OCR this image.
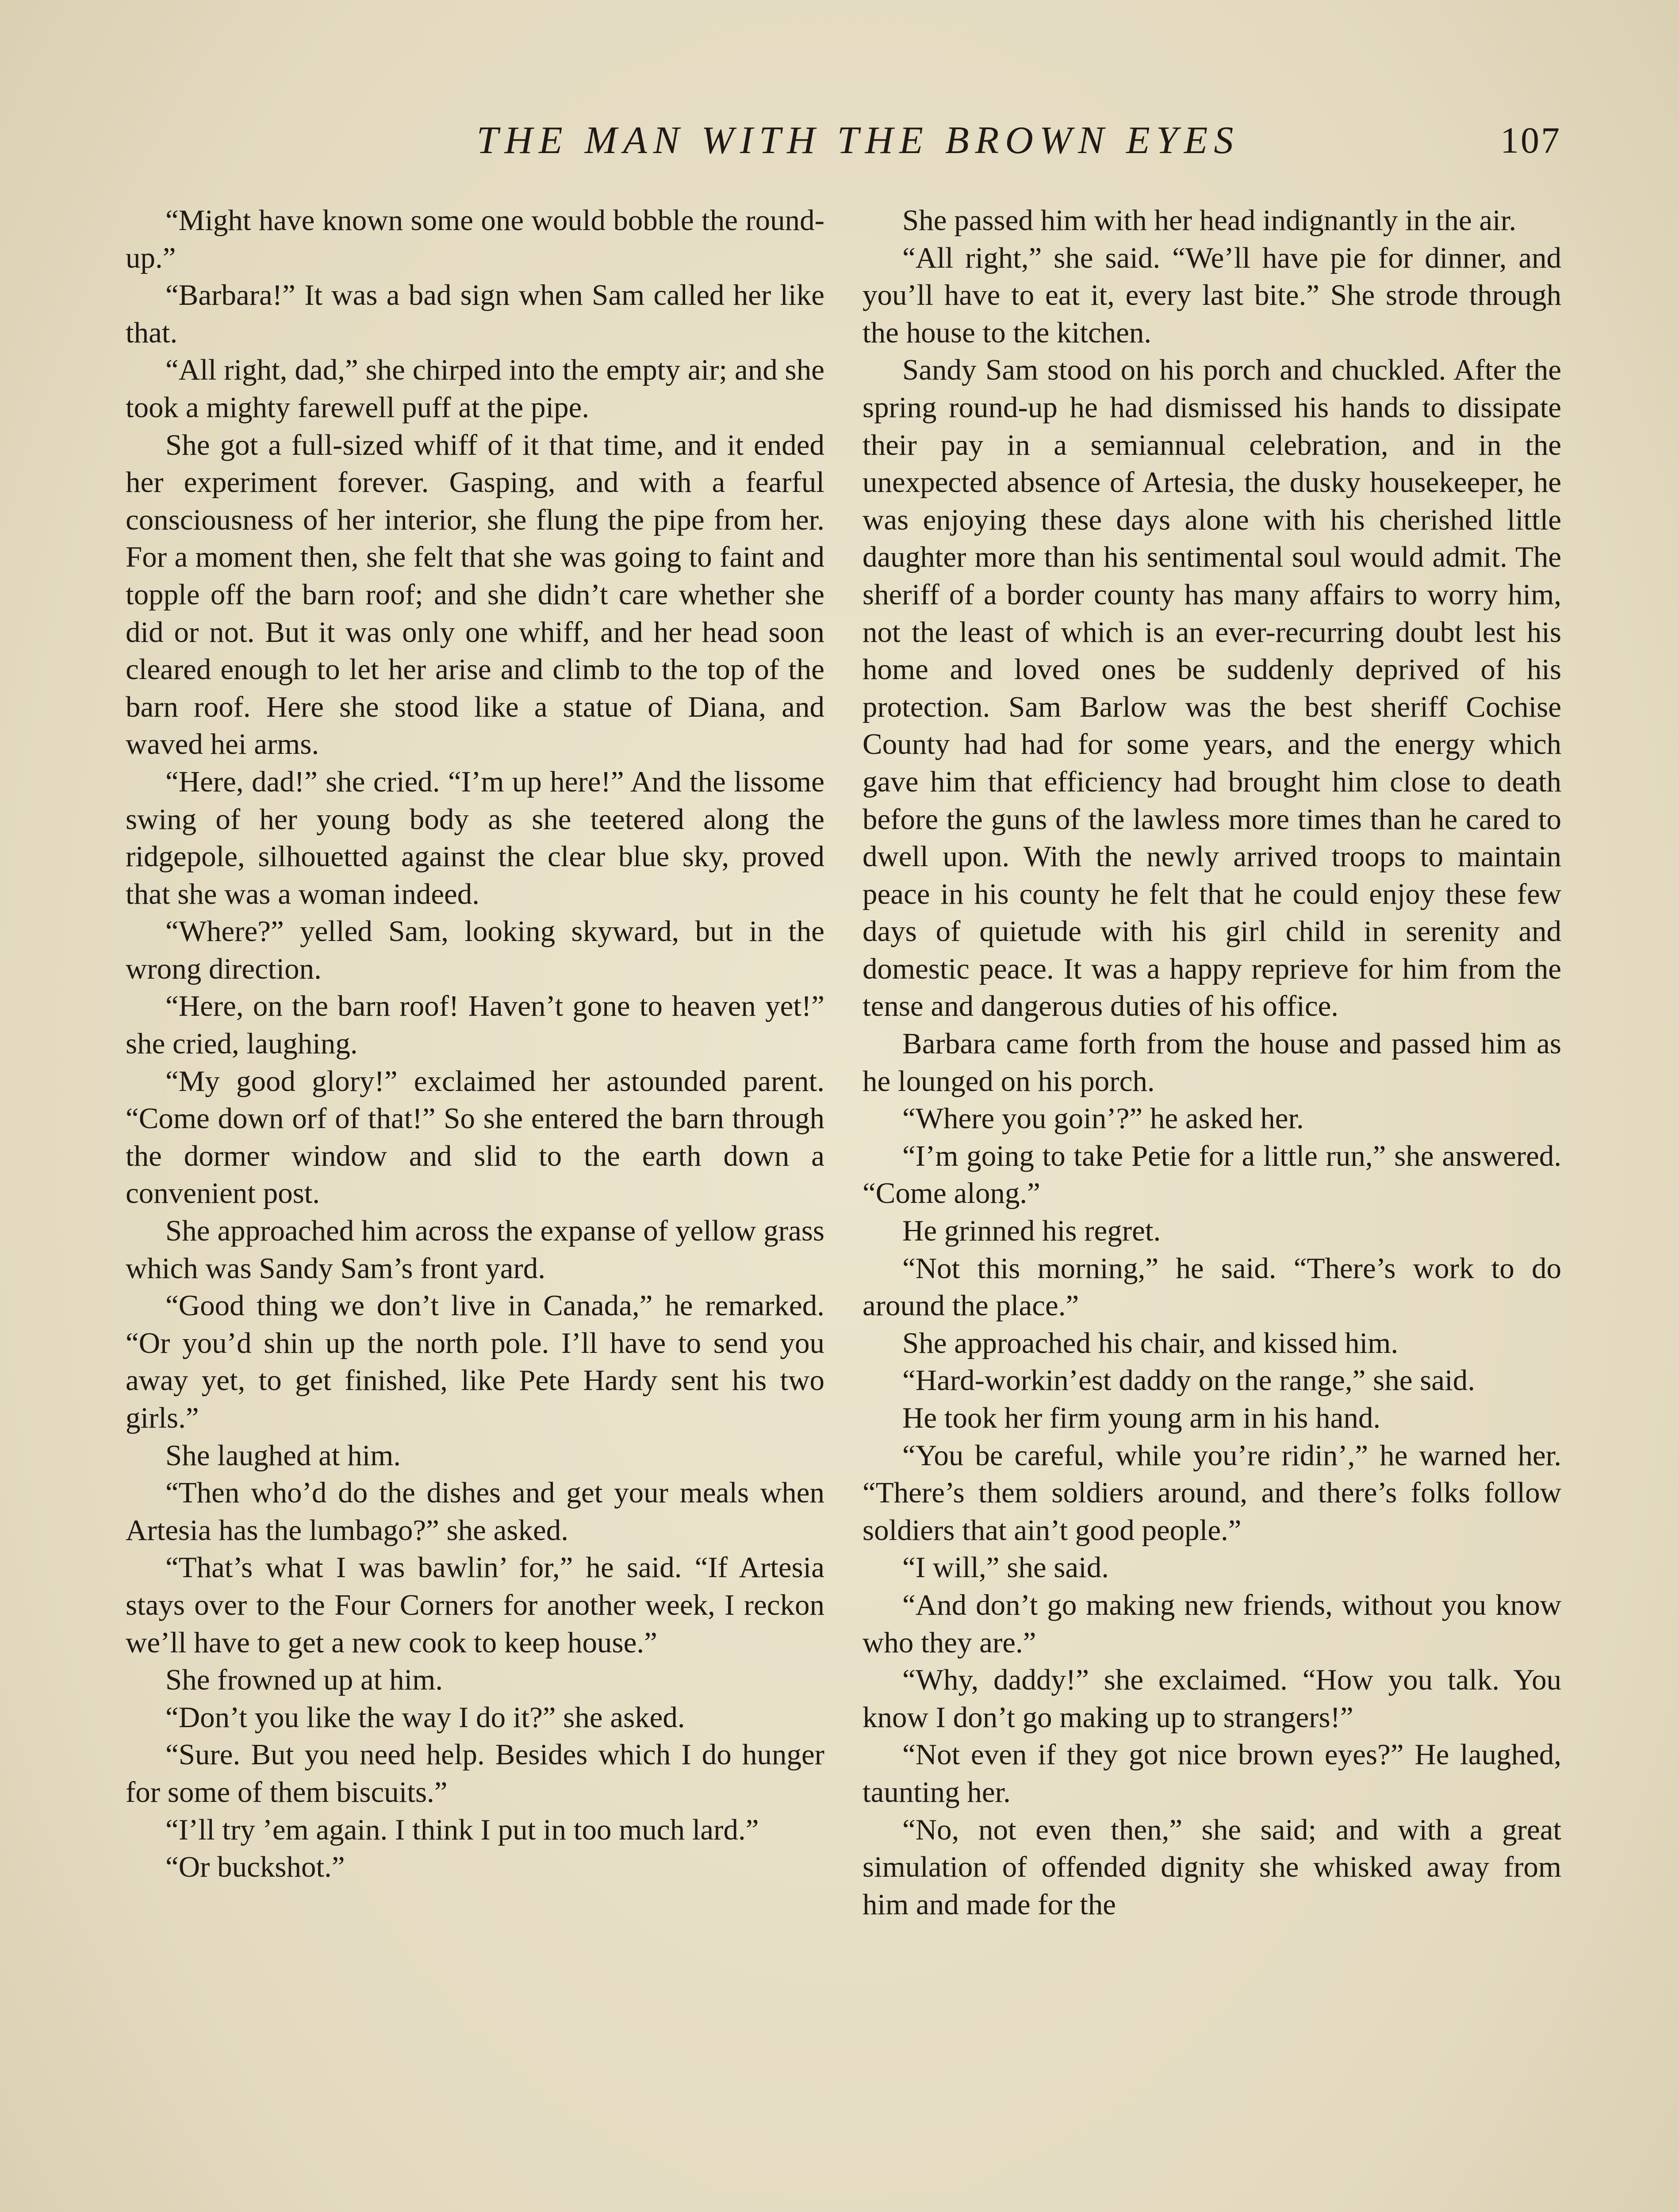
THE MAN WITH THE BROWN EYES	107

“Might have known some one would bobble the round-up.”

“Barbara!” It was a bad sign when Sam called her like that.

“All right, dad,” she chirped into the empty air; and she took a mighty farewell puff at the pipe.

She got a full-sized whiff of it that time, and it ended her experiment forever. Gasping, and with a fearful consciousness of her interior, she flung the pipe from her. For a moment then, she felt that she was going to faint and topple off the barn roof; and she didn’t care whether she did or not. But it was only one whiff, and her head soon cleared enough to let her arise and climb to the top of the barn roof. Here she stood like a statue of Diana, and waved hei arms.

“Here, dad!” she cried. “I’m up here!” And the lissome swing of her young body as she teetered along the ridgepole, silhouetted against the clear blue sky, proved that she was a woman indeed.

“Where?” yelled Sam, looking skyward, but in the wrong direction.

“Here, on the barn roof! Haven’t gone to heaven yet!” she cried, laughing.

“My good glory!” exclaimed her astounded parent. “Come down orf of that!” So she entered the barn through the dormer window and slid to the earth down a convenient post.

She approached him across the expanse of yellow grass which was Sandy Sam’s front yard.

“Good thing we don’t live in Canada,” he remarked. “Or you’d shin up the north pole. I’ll have to send you away yet, to get finished, like Pete Hardy sent his two girls.”

She laughed at him.

“Then who’d do the dishes and get your meals when Artesia has the lumbago?” she asked.

“That’s what I was bawlin’ for,” he said. “If Artesia stays over to the Four Corners for another week, I reckon we’ll have to get a new cook to keep house.”

She frowned up at him.

“Don’t you like the way I do it?” she asked.

“Sure. But you need help. Besides which I do hunger for some of them biscuits.”

“I’ll try ’em again. I think I put in too much lard.”

“Or buckshot.”

She passed him with her head indignantly in the air.

“All right,” she said. “We’ll have pie for dinner, and you’ll have to eat it, every last bite.” She strode through the house to the kitchen.

Sandy Sam stood on his porch and chuckled. After the spring round-up he had dismissed his hands to dissipate their pay in a semiannual celebration, and in the unexpected absence of Artesia, the dusky housekeeper, he was enjoying these days alone with his cherished little daughter more than his sentimental soul would admit. The sheriff of a border county has many affairs to worry him, not the least of which is an ever-recurring doubt lest his home and loved ones be suddenly deprived of his protection. Sam Barlow was the best sheriff Cochise County had had for some years, and the energy which gave him that efficiency had brought him close to death before the guns of the lawless more times than he cared to dwell upon. With the newly arrived troops to maintain peace in his county he felt that he could enjoy these few days of quietude with his girl child in serenity and domestic peace. It was a happy reprieve for him from the tense and dangerous duties of his office.

Barbara came forth from the house and passed him as he lounged on his porch.

“Where you goin’?” he asked her.

“I’m going to take Petie for a little run,” she answered. “Come along.”

He grinned his regret.

“Not this morning,” he said. “There’s work to do around the place.”

She approached his chair, and kissed him.

“Hard-workin’est daddy on the range,” she said.

He took her firm young arm in his hand.

“You be careful, while you’re ridin’,” he warned her. “There’s them soldiers around, and there’s folks follow soldiers that ain’t good people.”

“I will,” she said.

“And don’t go making new friends, without you know who they are.”

“Why, daddy!” she exclaimed. “How you talk. You know I don’t go making up to strangers!”

“Not even if they got nice brown eyes?” He laughed, taunting her.

“No, not even then,” she said; and with a great simulation of offended dignity she whisked away from him and made for the
